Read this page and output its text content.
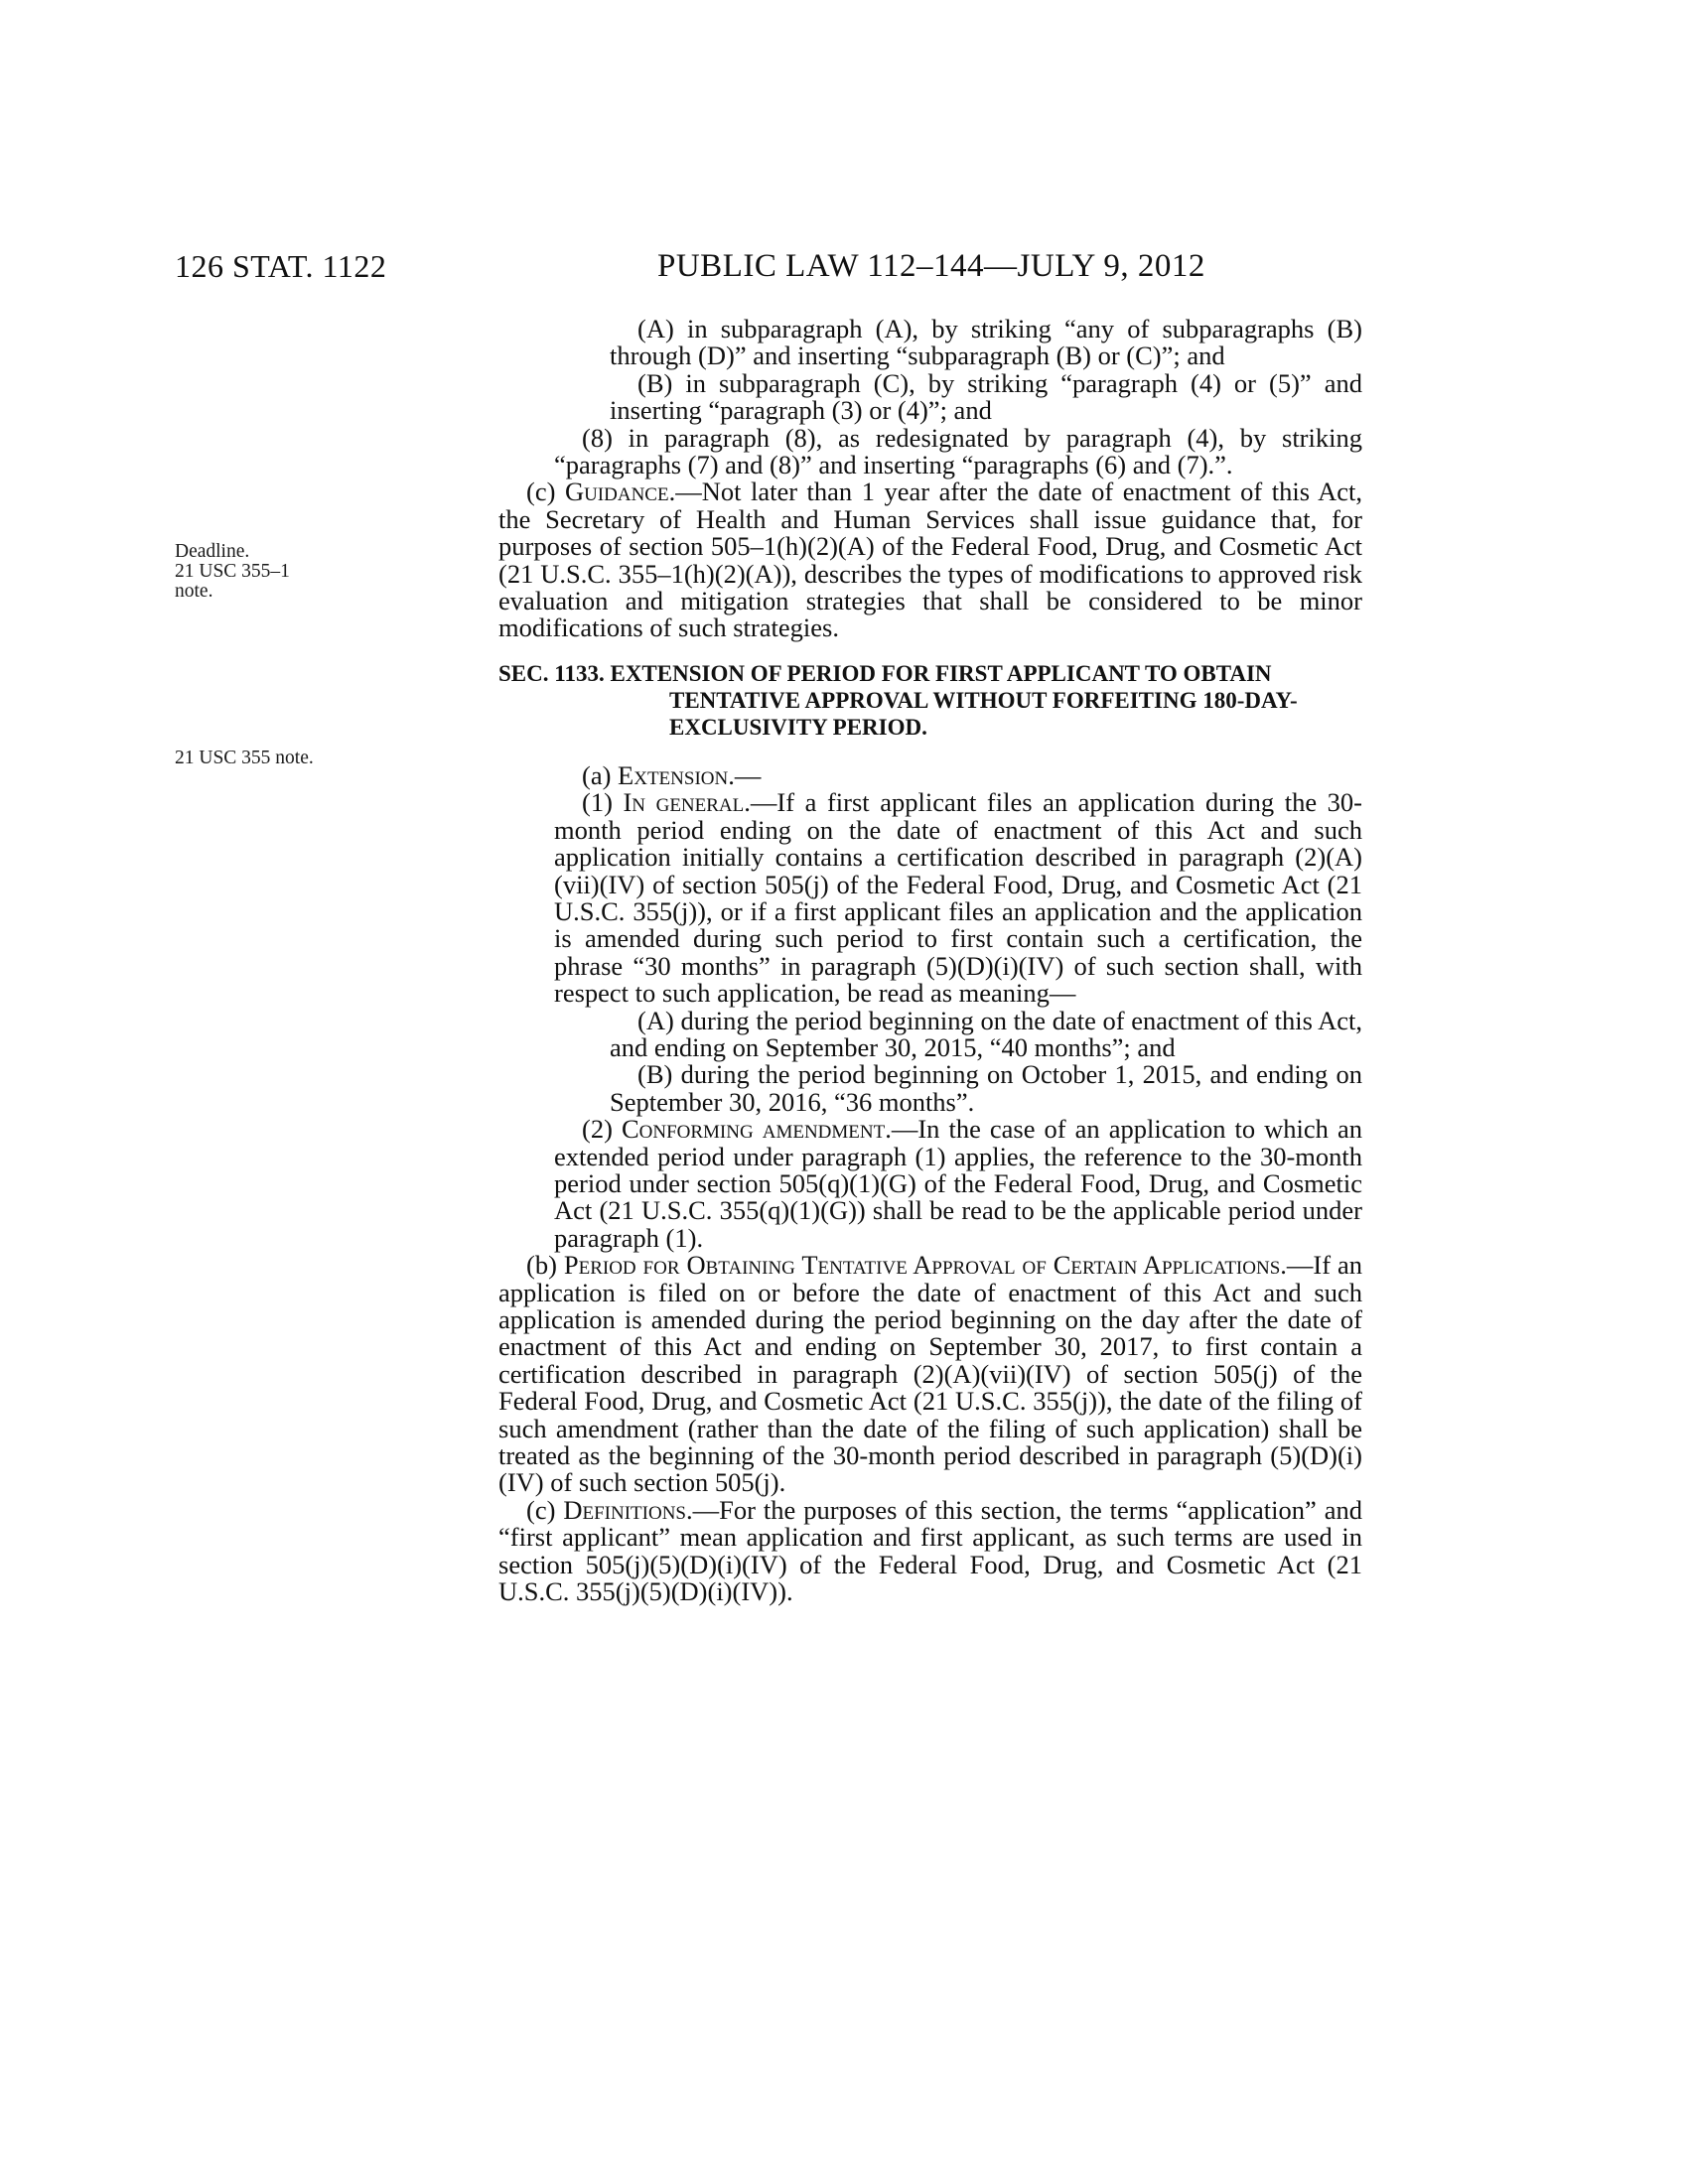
126 STAT. 1122	PUBLIC LAW 112–144—JULY 9, 2012
Deadline.
21 USC 355–1
note.
21 USC 355 note.

(A) in subparagraph (A), by striking “any of subparagraphs (B) through (D)” and inserting “subparagraph (B) or (C)”; and

(B) in subparagraph (C), by striking “paragraph (4) or (5)” and inserting “paragraph (3) or (4)”; and

(8) in paragraph (8), as redesignated by paragraph (4), by striking “paragraphs (7) and (8)” and inserting “paragraphs (6) and (7).”.

(c) Guidance.—Not later than 1 year after the date of enactment of this Act, the Secretary of Health and Human Services shall issue guidance that, for purposes of section 505–1(h)(2)(A) of the Federal Food, Drug, and Cosmetic Act (21 U.S.C. 355–1(h)(2)(A)), describes the types of modifications to approved risk evaluation and mitigation strategies that shall be considered to be minor modifications of such strategies.

SEC. 1133. EXTENSION OF PERIOD FOR FIRST APPLICANT TO OBTAIN TENTATIVE APPROVAL WITHOUT FORFEITING 180-DAY-EXCLUSIVITY PERIOD.

(a) Extension.—

(1) In general.—If a first applicant files an application during the 30-month period ending on the date of enactment of this Act and such application initially contains a certification described in paragraph (2)(A)(vii)(IV) of section 505(j) of the Federal Food, Drug, and Cosmetic Act (21 U.S.C. 355(j)), or if a first applicant files an application and the application is amended during such period to first contain such a certification, the phrase “30 months” in paragraph (5)(D)(i)(IV) of such section shall, with respect to such application, be read as meaning—

(A) during the period beginning on the date of enactment of this Act, and ending on September 30, 2015, “40 months”; and

(B) during the period beginning on October 1, 2015, and ending on September 30, 2016, “36 months”.

(2) Conforming amendment.—In the case of an application to which an extended period under paragraph (1) applies, the reference to the 30-month period under section 505(q)(1)(G) of the Federal Food, Drug, and Cosmetic Act (21 U.S.C. 355(q)(1)(G)) shall be read to be the applicable period under paragraph (1).

(b) Period for Obtaining Tentative Approval of Certain Applications.—If an application is filed on or before the date of enactment of this Act and such application is amended during the period beginning on the day after the date of enactment of this Act and ending on September 30, 2017, to first contain a certification described in paragraph (2)(A)(vii)(IV) of section 505(j) of the Federal Food, Drug, and Cosmetic Act (21 U.S.C. 355(j)), the date of the filing of such amendment (rather than the date of the filing of such application) shall be treated as the beginning of the 30-month period described in paragraph (5)(D)(i)(IV) of such section 505(j).

(c) Definitions.—For the purposes of this section, the terms “application” and “first applicant” mean application and first applicant, as such terms are used in section 505(j)(5)(D)(i)(IV) of the Federal Food, Drug, and Cosmetic Act (21 U.S.C. 355(j)(5)(D)(i)(IV)).
